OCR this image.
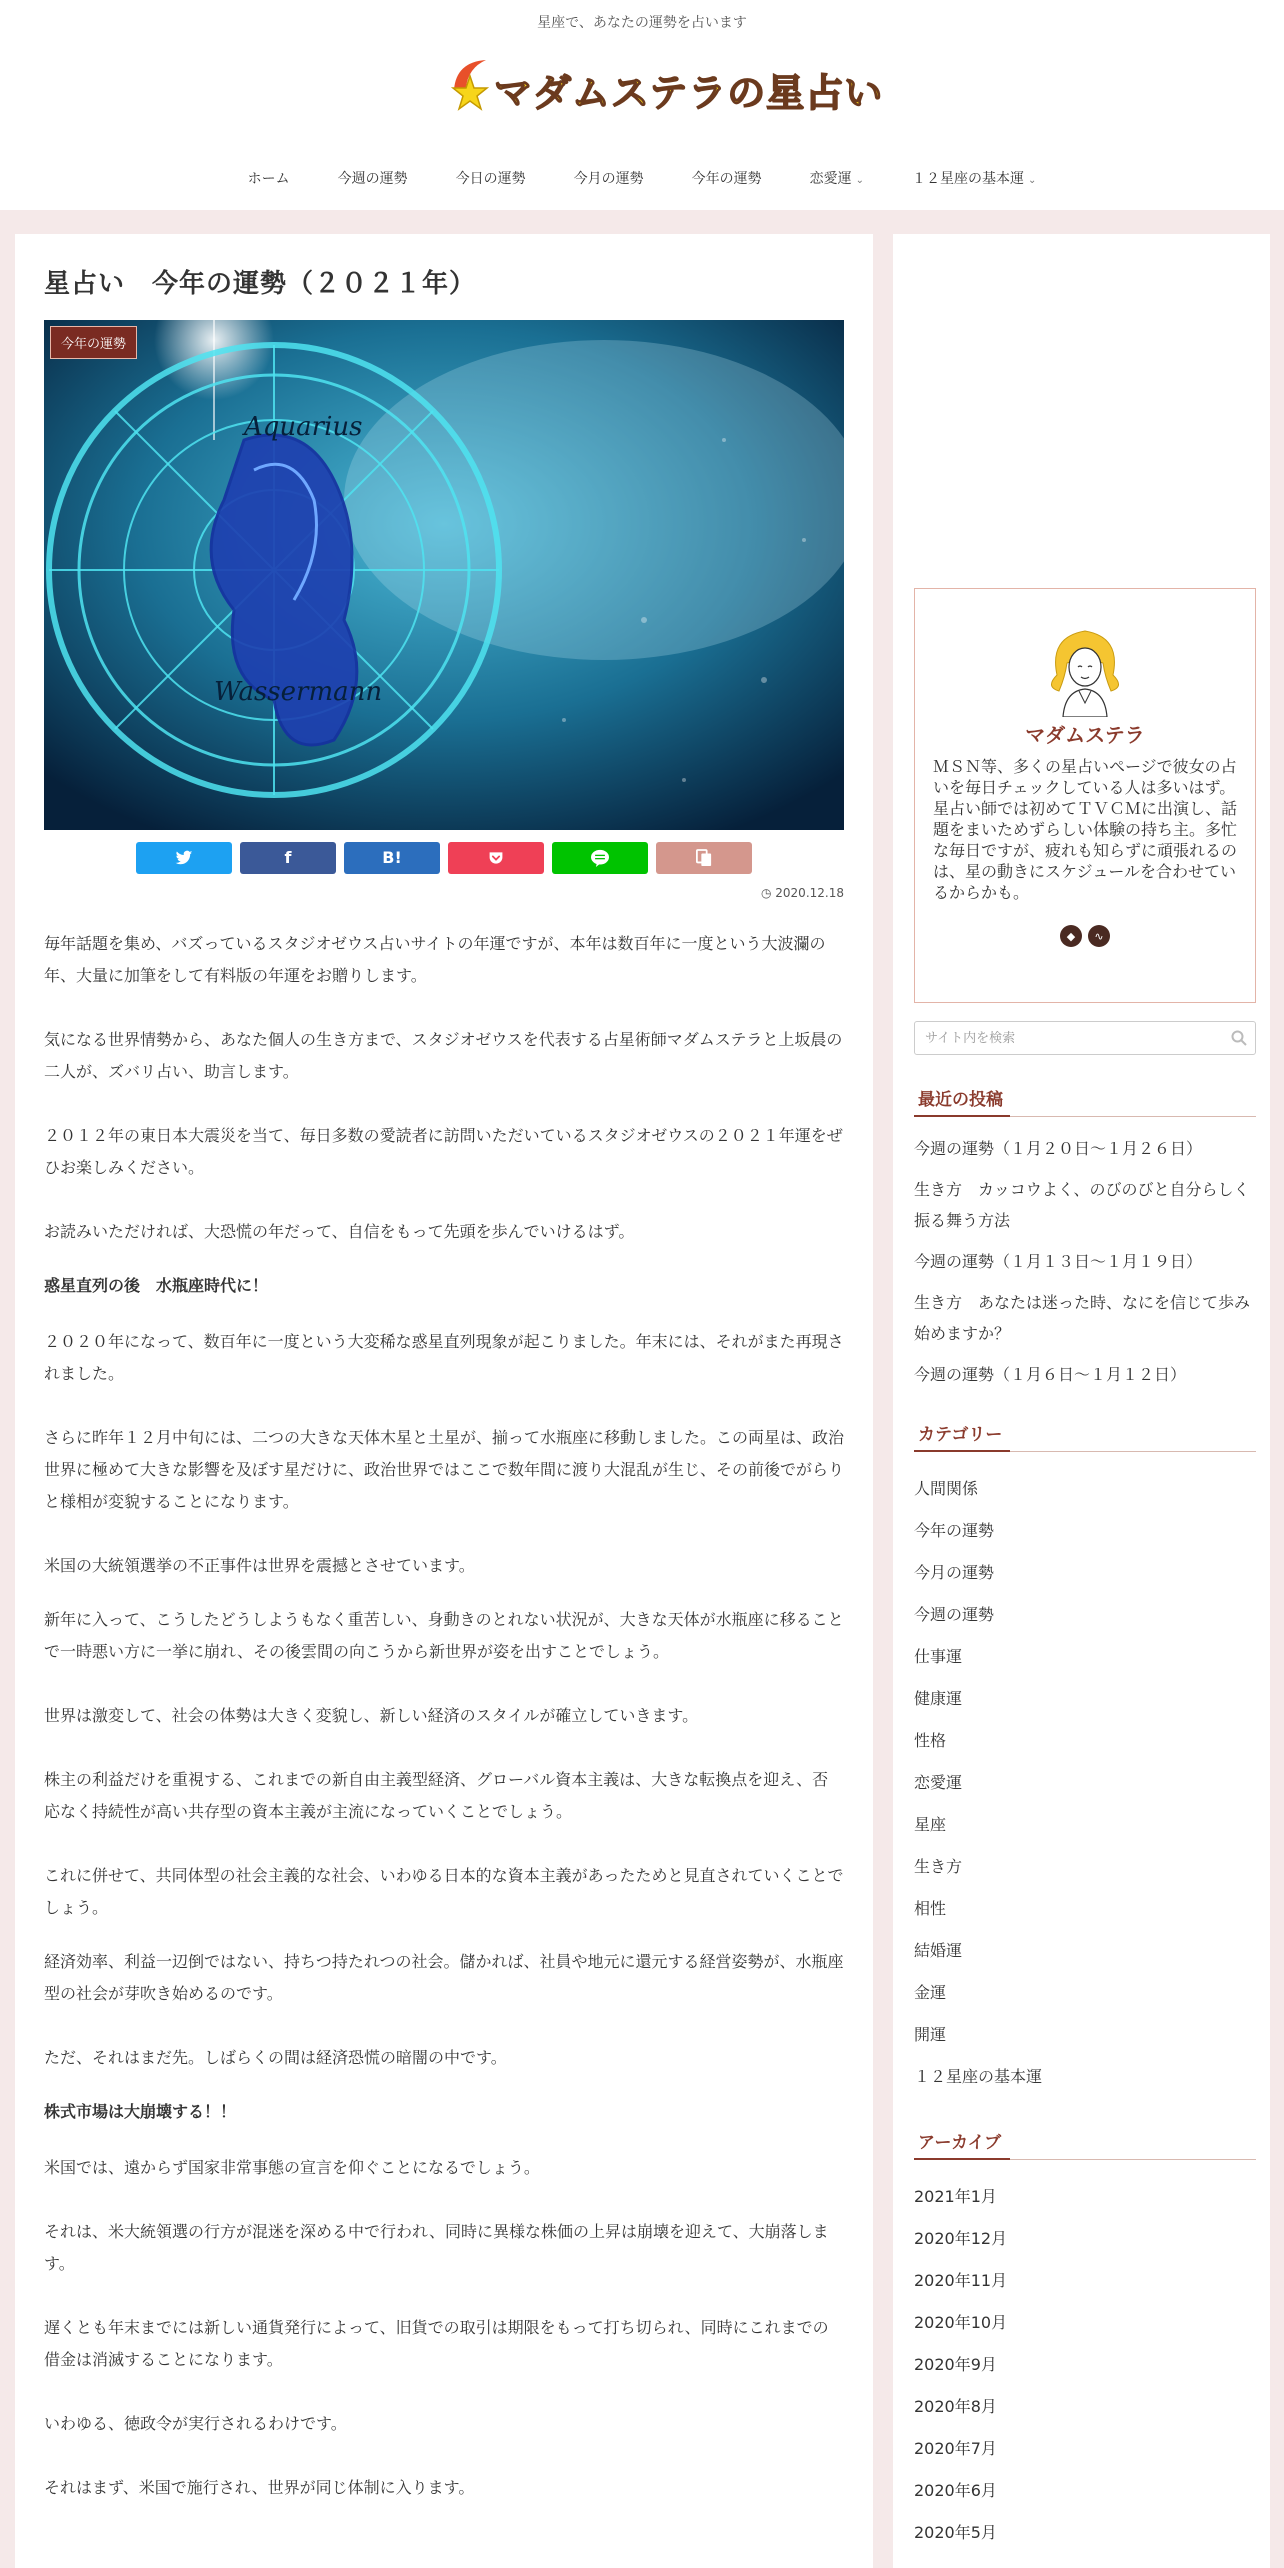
星座で、あなたの運勢を占います
マダムステラの星占い
ホーム	今週の運勢	今日の運勢	今月の運勢	今年の運勢	恋愛運 ⌄	１２星座の基本運 ⌄
星占い　今年の運勢（２０２１年）
今年の運勢
Aquarius
Wassermann
f	B!
◷ 2020.12.18

毎年話題を集め、バズっているスタジオゼウス占いサイトの年運ですが、本年は数百年に一度という大波瀾の年、大量に加筆をして有料版の年運をお贈りします。

気になる世界情勢から、あなた個人の生き方まで、スタジオゼウスを代表する占星術師マダムステラと上坂晨の二人が、ズバリ占い、助言します。

２０１２年の東日本大震災を当て、毎日多数の愛読者に訪問いただいているスタジオゼウスの２０２１年運をぜひお楽しみください。

お読みいただければ、大恐慌の年だって、自信をもって先頭を歩んでいけるはず。

惑星直列の後　水瓶座時代に！

２０２０年になって、数百年に一度という大変稀な惑星直列現象が起こりました。年末には、それがまた再現されました。

さらに昨年１２月中旬には、二つの大きな天体木星と土星が、揃って水瓶座に移動しました。この両星は、政治世界に極めて大きな影響を及ぼす星だけに、政治世界ではここで数年間に渡り大混乱が生じ、その前後でがらりと様相が変貌することになります。

米国の大統領選挙の不正事件は世界を震撼とさせています。

新年に入って、こうしたどうしようもなく重苦しい、身動きのとれない状況が、大きな天体が水瓶座に移ることで一時悪い方に一挙に崩れ、その後雲間の向こうから新世界が姿を出すことでしょう。

世界は激変して、社会の体勢は大きく変貌し、新しい経済のスタイルが確立していきます。

株主の利益だけを重視する、これまでの新自由主義型経済、グローバル資本主義は、大きな転換点を迎え、否応なく持続性が高い共存型の資本主義が主流になっていくことでしょう。

これに併せて、共同体型の社会主義的な社会、いわゆる日本的な資本主義があったためと見直されていくことでしょう。

経済効率、利益一辺倒ではない、持ちつ持たれつの社会。儲かれば、社員や地元に還元する経営姿勢が、水瓶座型の社会が芽吹き始めるのです。

ただ、それはまだ先。しばらくの間は経済恐慌の暗闇の中です。

株式市場は大崩壊する！！

米国では、遠からず国家非常事態の宣言を仰ぐことになるでしょう。

それは、米大統領選の行方が混迷を深める中で行われ、同時に異様な株価の上昇は崩壊を迎えて、大崩落します。

遅くとも年末までには新しい通貨発行によって、旧貨での取引は期限をもって打ち切られ、同時にこれまでの借金は消滅することになります。

いわゆる、徳政令が実行されるわけです。

それはまず、米国で施行され、世界が同じ体制に入ります。

マダムステラ
ＭＳＮ等、多くの星占いページで彼女の占いを毎日チェックしている人は多いはず。星占い師では初めてＴＶＣＭに出演し、話題をまいためずらしい体験の持ち主。多忙な毎日ですが、疲れも知らずに頑張れるのは、星の動きにスケジュールを合わせているからかも。
◆	∿
サイト内を検索
最近の投稿
今週の運勢（１月２０日～１月２６日）
生き方　カッコウよく、のびのびと自分らしく振る舞う方法
今週の運勢（１月１３日～１月１９日）
生き方　あなたは迷った時、なにを信じて歩み始めますか？
今週の運勢（１月６日～１月１２日）
カテゴリー
人間関係
今年の運勢
今月の運勢
今週の運勢
仕事運
健康運
性格
恋愛運
星座
生き方
相性
結婚運
金運
開運
１２星座の基本運
アーカイブ
2021年1月
2020年12月
2020年11月
2020年10月
2020年9月
2020年8月
2020年7月
2020年6月
2020年5月
